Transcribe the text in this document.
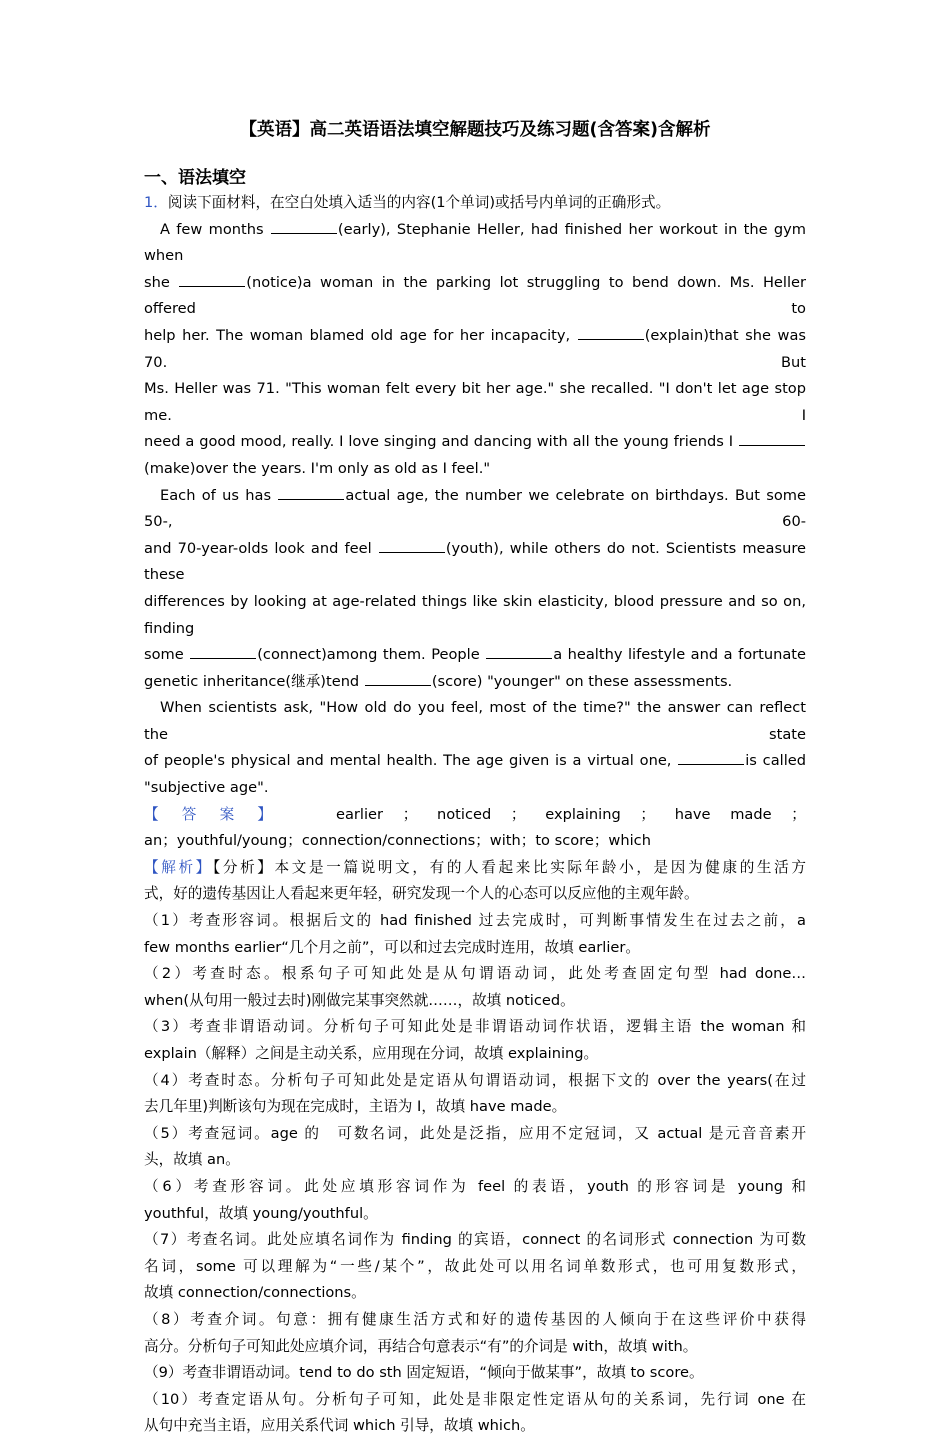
【英语】高二英语语法填空解题技巧及练习题(含答案)含解析
一、语法填空

1．阅读下面材料，在空白处填入适当的内容(1个单词)或括号内单词的正确形式。

A few months	(early), Stephanie Heller, had finished her workout in the gym when

she	(notice)a woman in the parking lot struggling to bend down. Ms. Heller offered to

help her. The woman blamed old age for her incapacity,	(explain)that she was 70. But

Ms. Heller was 71. "This woman felt every bit her age." she recalled. "I don't let age stop me. I

need a good mood, really. I love singing and dancing with all the young friends I

(make)over the years. I'm only as old as I feel."

Each of us has	actual age, the number we celebrate on birthdays. But some 50-, 60-

and 70-year-olds look and feel	(youth), while others do not. Scientists measure these

differences by looking at age-related things like skin elasticity, blood pressure and so on, finding

some	(connect)among them. People	a healthy lifestyle and a fortunate

genetic inheritance(继承)tend	(score) "younger" on these assessments.

When scientists ask, "How old do you feel, most of the time?" the answer can reflect the state

of people's physical and mental health. The age given is a virtual one,	is called

"subjective age".

【 答 案 】	earlier ； noticed ； explaining ； have made ；

an；youthful/young；connection/connections；with；to score；which

【解析】【分析】本文是一篇说明文，有的人看起来比实际年龄小，是因为健康的生活方

式，好的遗传基因让人看起来更年轻，研究发现一个人的心态可以反应他的主观年龄。

（1）考查形容词。根据后文的 had finished 过去完成时，可判断事情发生在过去之前，a

few months earlier“几个月之前”，可以和过去完成时连用，故填 earlier。

（2）考查时态。根系句子可知此处是从句谓语动词，此处考查固定句型 had done…

when(从句用一般过去时)刚做完某事突然就……，故填 noticed。

（3）考查非谓语动词。分析句子可知此处是非谓语动词作状语，逻辑主语 the woman 和

explain（解释）之间是主动关系，应用现在分词，故填 explaining。

（4）考查时态。分析句子可知此处是定语从句谓语动词，根据下文的 over the years(在过

去几年里)判断该句为现在完成时，主语为 I，故填 have made。

（5）考查冠词。age 的　可数名词，此处是泛指，应用不定冠词，又 actual 是元音音素开

头，故填 an。

（6）考查形容词。此处应填形容词作为 feel 的表语，youth 的形容词是 young 和

youthful，故填 young/youthful。

（7）考查名词。此处应填名词作为 finding 的宾语，connect 的名词形式 connection 为可数

名词，some 可以理解为“一些/某个”，故此处可以用名词单数形式，也可用复数形式，

故填 connection/connections。

（8）考查介词。句意：拥有健康生活方式和好的遗传基因的人倾向于在这些评价中获得

高分。分析句子可知此处应填介词，再结合句意表示“有”的介词是 with，故填 with。

（9）考查非谓语动词。tend to do sth 固定短语，“倾向于做某事”，故填 to score。

（10）考查定语从句。分析句子可知，此处是非限定性定语从句的关系词，先行词 one 在

从句中充当主语，应用关系代词 which 引导，故填 which。
